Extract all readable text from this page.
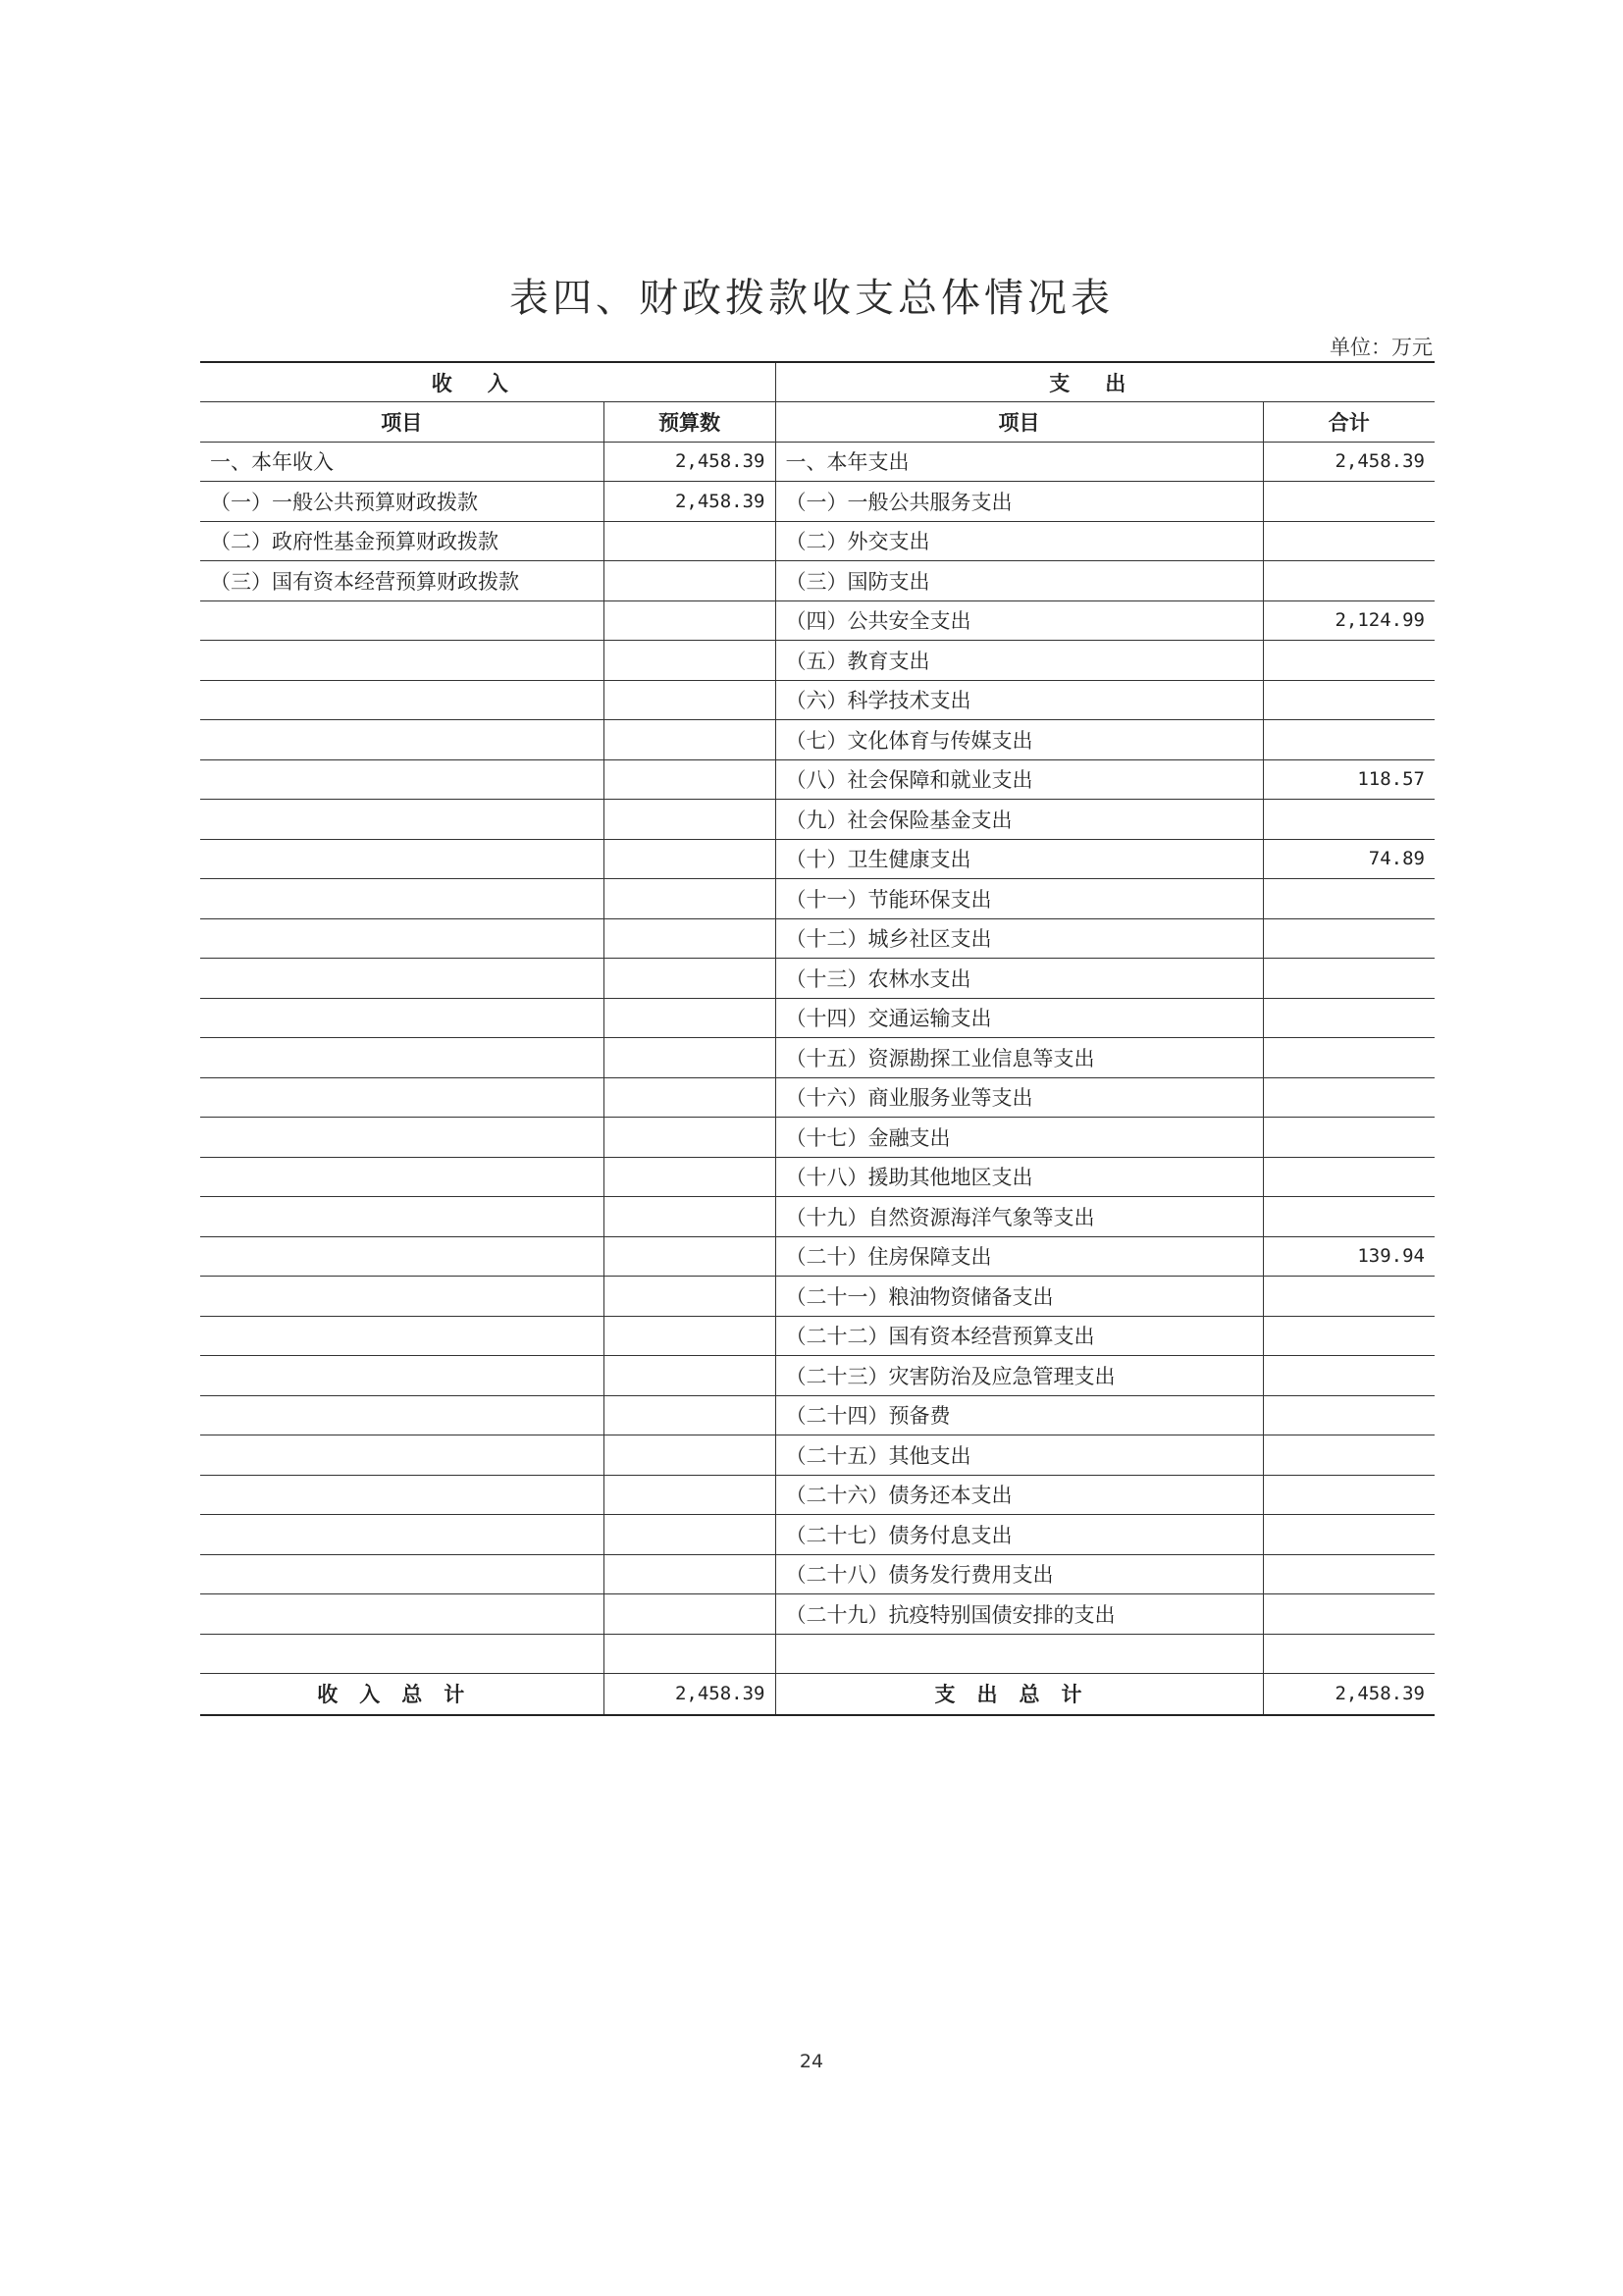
表四、财政拨款收支总体情况表
单位：万元
收入		支出	
项目	预算数	项目	合计
一、本年收入	2,458.39	一、本年支出	2,458.39
（一）一般公共预算财政拨款	2,458.39	（一）一般公共服务支出	
（二）政府性基金预算财政拨款		（二）外交支出	
（三）国有资本经营预算财政拨款		（三）国防支出	
		（四）公共安全支出	2,124.99
		（五）教育支出	
		（六）科学技术支出	
		（七）文化体育与传媒支出	
		（八）社会保障和就业支出	118.57
		（九）社会保险基金支出	
		（十）卫生健康支出	74.89
		（十一）节能环保支出	
		（十二）城乡社区支出	
		（十三）农林水支出	
		（十四）交通运输支出	
		（十五）资源勘探工业信息等支出	
		（十六）商业服务业等支出	
		（十七）金融支出	
		（十八）援助其他地区支出	
		（十九）自然资源海洋气象等支出	
		（二十）住房保障支出	139.94
		（二十一）粮油物资储备支出	
		（二十二）国有资本经营预算支出	
		（二十三）灾害防治及应急管理支出	
		（二十四）预备费	
		（二十五）其他支出	
		（二十六）债务还本支出	
		（二十七）债务付息支出	
		（二十八）债务发行费用支出	
		（二十九）抗疫特别国债安排的支出	

收入总计	2,458.39	支出总计	2,458.39
24
